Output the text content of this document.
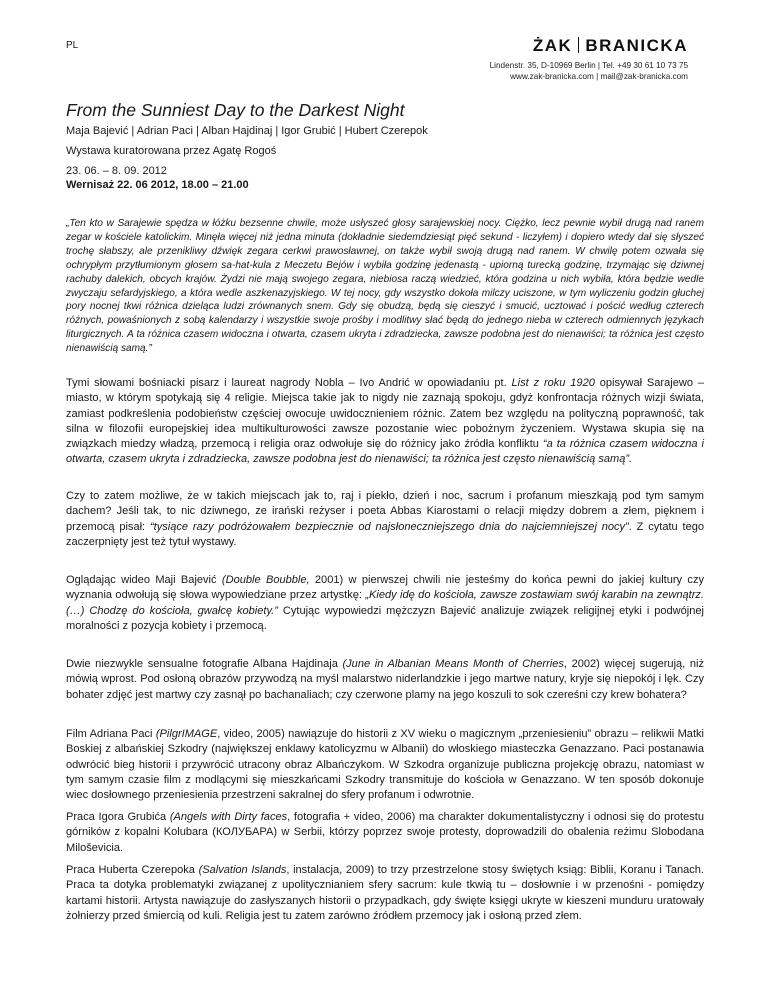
PL	ŻAK BRANICKA
Lindenstr. 35, D-10969 Berlin | Tel. +49 30 61 10 73 75
www.zak-branicka.com | mail@zak-branicka.com
From the Sunniest Day to the Darkest Night
Maja Bajević | Adrian Paci | Alban Hajdinaj | Igor Grubić | Hubert Czerepok
Wystawa kuratorowana przez Agatę Rogoś
23. 06. – 8. 09. 2012
Wernisaż 22. 06 2012, 18.00 – 21.00
„Ten kto w Sarajewie spędza w łóżku bezsenne chwile, może usłyszeć głosy sarajewskiej nocy. Ciężko, lecz pewnie wybił drugą nad ranem zegar w kościele katolickim. Minęła więcej niż jedna minuta (dokładnie siedemdziesiąt pięć sekund - liczyłem) i dopiero wtedy dał się słyszeć trochę słabszy, ale przenikliwy dźwięk zegara cerkwi prawosławnej, on także wybił swoją drugą nad ranem. W chwilę potem ozwała się ochrypłym przytłumionym głosem sa-hat-kula z Meczetu Bejów i wybiła godzinę jedenastą - upiorną turecką godzinę, trzymając się dziwnej rachuby dalekich, obcych krajów. Żydzi nie mają swojego zegara, niebiosa raczą wiedzieć, która godzina u nich wybiła, która będzie wedle zwyczaju sefardyjskiego, a która wedle aszkenazyjskiego. W tej nocy, gdy wszystko dokoła milczy uciszone, w tym wyliczeniu godzin głuchej pory nocnej tkwi różnica dzieląca ludzi zrównanych snem. Gdy się obudzą, będą się cieszyć i smucić, ucztować i pościć według czterech różnych, powaśnionych z sobą kalendarzy i wszystkie swoje prośby i modlitwy słać będą do jednego nieba w czterech odmiennych językach liturgicznych. A ta różnica czasem widoczna i otwarta, czasem ukryta i zdradziecka, zawsze podobna jest do nienawiści; ta różnica jest często nienawiścią samą.”
Tymi słowami bośniacki pisarz i laureat nagrody Nobla – Ivo Andrić w opowiadaniu pt. List z roku 1920 opisywał Sarajewo – miasto, w którym spotykają się 4 religie. Miejsca takie jak to nigdy nie zaznają spokoju, gdyż konfrontacja różnych wizji świata, zamiast podkreślenia podobieństw częściej owocuje uwidocznieniem różnic. Zatem bez względu na polityczną poprawność, tak silna w filozofii europejskiej idea multikulturowości zawsze pozostanie wiec pobożnym życzeniem. Wystawa skupia się na związkach miedzy władzą, przemocą i religia oraz odwołuje się do różnicy jako źródła konfliktu “a ta różnica czasem widoczna i otwarta, czasem ukryta i zdradziecka, zawsze podobna jest do nienawiści; ta różnica jest często nienawiścią samą”.
Czy to zatem możliwe, że w takich miejscach jak to, raj i piekło, dzień i noc, sacrum i profanum mieszkają pod tym samym dachem? Jeśli tak, to nic dziwnego, ze irański reżyser i poeta Abbas Kiarostami o relacji między dobrem a złem, pięknem i przemocą pisał: “tysiące razy podróżowałem bezpiecznie od najsłoneczniejszego dnia do najciemniejszej nocy”. Z cytatu tego zaczerpnięty jest też tytuł wystawy.
Oglądając wideo Maji Bajević (Double Boubble, 2001) w pierwszej chwili nie jesteśmy do końca pewni do jakiej kultury czy wyznania odwołują się słowa wypowiedziane przez artystkę: „Kiedy idę do kościoła, zawsze zostawiam swój karabin na zewnątrz. (…) Chodzę do kościoła, gwałcę kobiety.” Cytując wypowiedzi mężczyzn Bajević analizuje związek religijnej etyki i podwójnej moralności z pozycja kobiety i przemocą.
Dwie niezwykle sensualne fotografie Albana Hajdinaja (June in Albanian Means Month of Cherries, 2002) więcej sugerują, niż mówią wprost. Pod osłoną obrazów przywodzą na myśl malarstwo niderlandzkie i jego martwe natury, kryje się niepokój i lęk. Czy bohater zdjęć jest martwy czy zasnął po bachanaliach; czy czerwone plamy na jego koszuli to sok czereśni czy krew bohatera?
Film Adriana Paci (PilgrIMAGE, video, 2005) nawiązuje do historii z XV wieku o magicznym „przeniesieniu” obrazu – relikwii Matki Boskiej z albańskiej Szkodry (największej enklawy katolicyzmu w Albanii) do włoskiego miasteczka Genazzano. Paci postanawia odwrócić bieg historii i przywrócić utracony obraz Albańczykom. W Szkodra organizuje publiczna projekcję obrazu, natomiast w tym samym czasie film z modlącymi się mieszkańcami Szkodry transmituje do kościoła w Genazzano. W ten sposób dokonuje wiec dosłownego przeniesienia przestrzeni sakralnej do sfery profanum i odwrotnie.
Praca Igora Grubića (Angels with Dirty faces, fotografia + video, 2006) ma charakter dokumentalistyczny i odnosi się do protestu górników z kopalni Kolubara (КОЛУБАРА) w Serbii, którzy poprzez swoje protesty, doprowadzili do obalenia reżimu Slobodana Miloševicia.
Praca Huberta Czerepoka (Salvation Islands, instalacja, 2009) to trzy przestrzelone stosy świętych ksiąg: Biblii, Koranu i Tanach. Praca ta dotyka problematyki związanej z upolitycznianiem sfery sacrum: kule tkwią tu – dosłownie i w przenośni - pomiędzy kartami historii. Artysta nawiązuje do zasłyszanych historii o przypadkach, gdy święte księgi ukryte w kieszeni munduru uratowały żołnierzy przed śmiercią od kuli. Religia jest tu zatem zarówno źródłem przemocy jak i osłoną przed złem.
